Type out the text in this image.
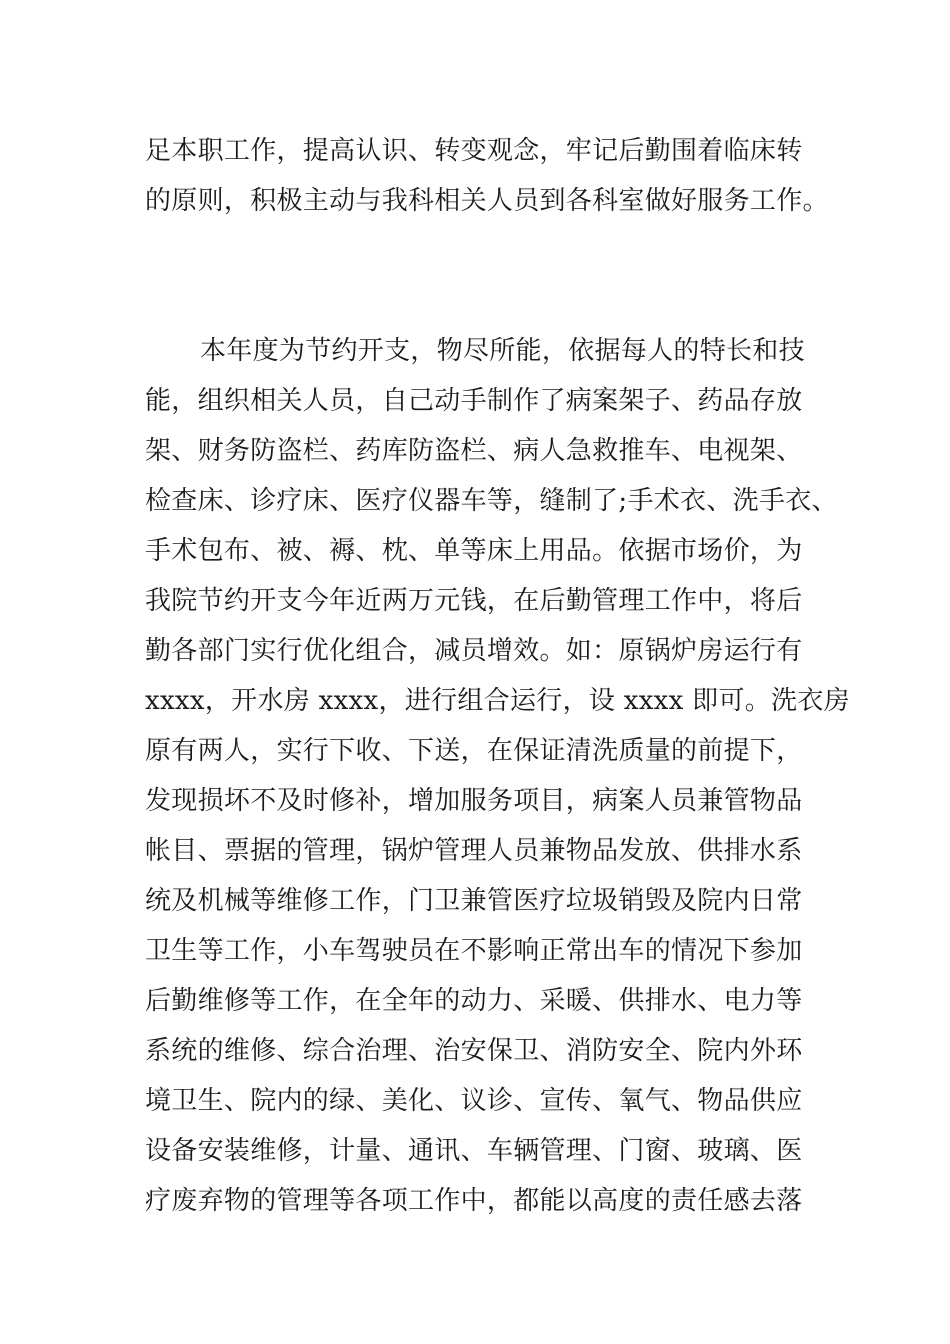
足本职工作，提高认识、转变观念，牢记后勤围着临床转

的原则，积极主动与我科相关人员到各科室做好服务工作。

本年度为节约开支，物尽所能，依据每人的特长和技

能，组织相关人员，自己动手制作了病案架子、药品存放

架、财务防盗栏、药库防盗栏、病人急救推车、电视架、

检查床、诊疗床、医疗仪器车等，缝制了;手术衣、洗手衣、

手术包布、被、褥、枕、单等床上用品。依据市场价，为

我院节约开支今年近两万元钱，在后勤管理工作中，将后

勤各部门实行优化组合，减员增效。如：原锅炉房运行有

xxxx，开水房 xxxx，进行组合运行，设 xxxx 即可。洗衣房

原有两人，实行下收、下送，在保证清洗质量的前提下，

发现损坏不及时修补，增加服务项目，病案人员兼管物品

帐目、票据的管理，锅炉管理人员兼物品发放、供排水系

统及机械等维修工作，门卫兼管医疗垃圾销毁及院内日常

卫生等工作，小车驾驶员在不影响正常出车的情况下参加

后勤维修等工作，在全年的动力、采暖、供排水、电力等

系统的维修、综合治理、治安保卫、消防安全、院内外环

境卫生、院内的绿、美化、议诊、宣传、氧气、物品供应

设备安装维修，计量、通讯、车辆管理、门窗、玻璃、医

疗废弃物的管理等各项工作中，都能以高度的责任感去落
